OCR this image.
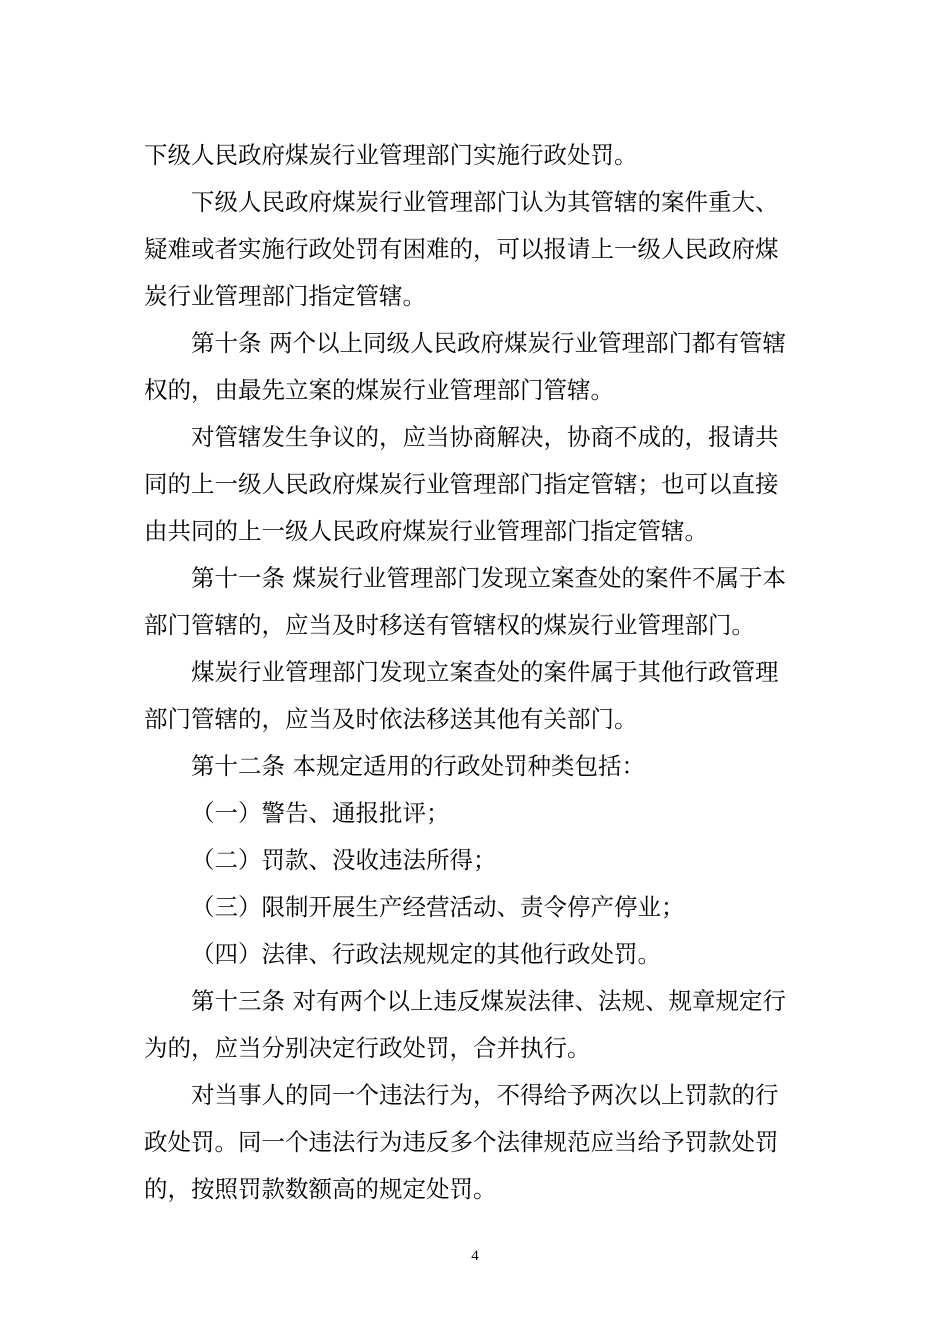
下级人民政府煤炭行业管理部门实施行政处罚。
下级人民政府煤炭行业管理部门认为其管辖的案件重大、
疑难或者实施行政处罚有困难的，可以报请上一级人民政府煤
炭行业管理部门指定管辖。
第十条 两个以上同级人民政府煤炭行业管理部门都有管辖
权的，由最先立案的煤炭行业管理部门管辖。
对管辖发生争议的，应当协商解决，协商不成的，报请共
同的上一级人民政府煤炭行业管理部门指定管辖；也可以直接
由共同的上一级人民政府煤炭行业管理部门指定管辖。
第十一条 煤炭行业管理部门发现立案查处的案件不属于本
部门管辖的，应当及时移送有管辖权的煤炭行业管理部门。
煤炭行业管理部门发现立案查处的案件属于其他行政管理
部门管辖的，应当及时依法移送其他有关部门。
第十二条 本规定适用的行政处罚种类包括：
（一）警告、通报批评；
（二）罚款、没收违法所得；
（三）限制开展生产经营活动、责令停产停业；
（四）法律、行政法规规定的其他行政处罚。
第十三条 对有两个以上违反煤炭法律、法规、规章规定行
为的，应当分别决定行政处罚，合并执行。
对当事人的同一个违法行为，不得给予两次以上罚款的行
政处罚。同一个违法行为违反多个法律规范应当给予罚款处罚
的，按照罚款数额高的规定处罚。
4
